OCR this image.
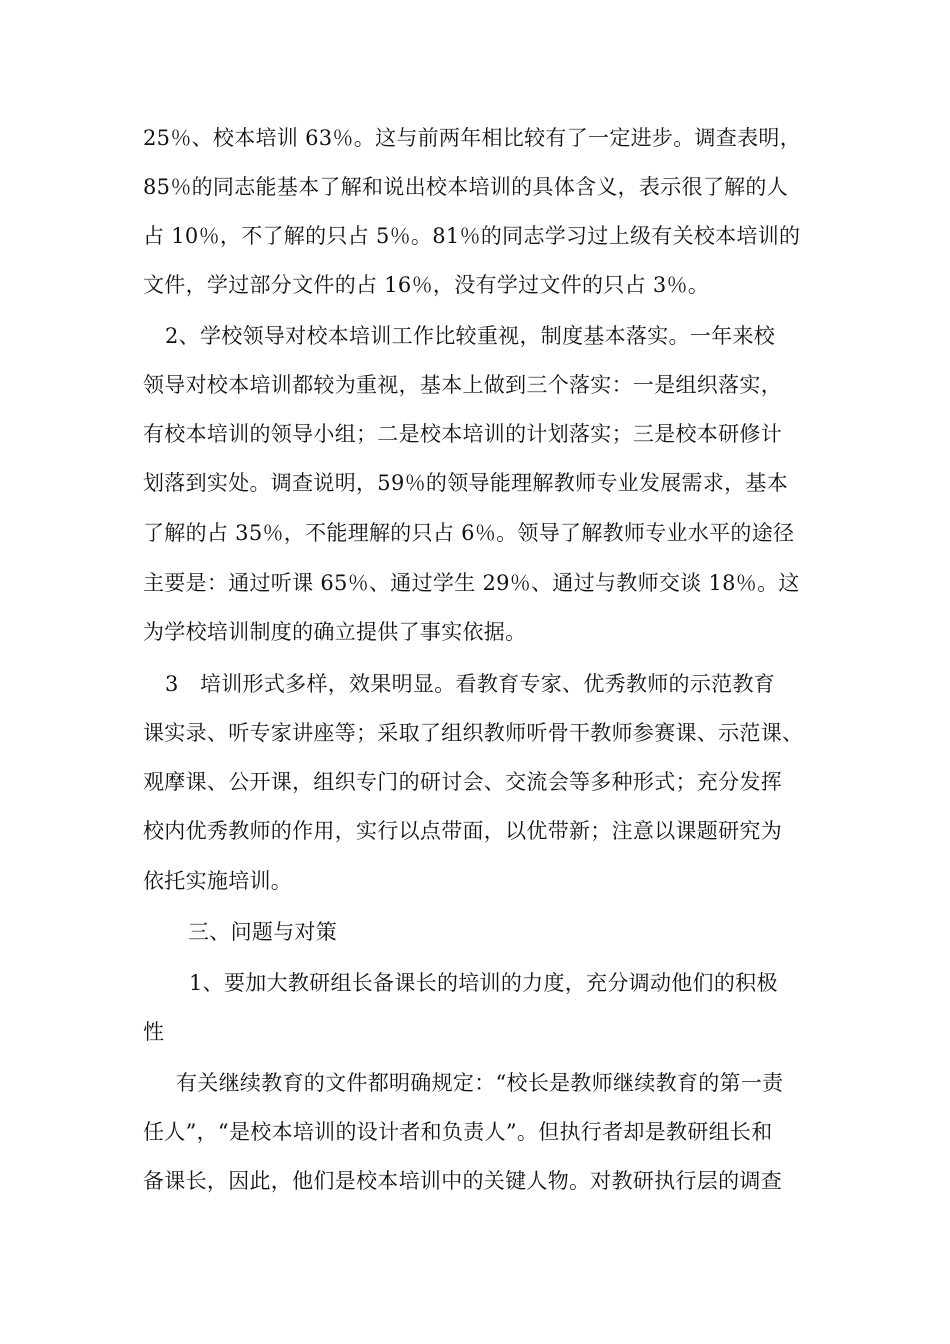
25％、校本培训 63％。这与前两年相比较有了一定进步。调查表明，
85％的同志能基本了解和说出校本培训的具体含义，表示很了解的人
占 10％，不了解的只占 5％。81％的同志学习过上级有关校本培训的
文件，学过部分文件的占 16％，没有学过文件的只占 3％。
2、学校领导对校本培训工作比较重视，制度基本落实。一年来校
领导对校本培训都较为重视，基本上做到三个落实：一是组织落实，
有校本培训的领导小组；二是校本培训的计划落实；三是校本研修计
划落到实处。调查说明，59％的领导能理解教师专业发展需求，基本
了解的占 35％，不能理解的只占 6％。领导了解教师专业水平的途径
主要是：通过听课 65％、通过学生 29％、通过与教师交谈 18％。这
为学校培训制度的确立提供了事实依据。
3　培训形式多样，效果明显。看教育专家、优秀教师的示范教育
课实录、听专家讲座等；采取了组织教师听骨干教师参赛课、示范课、
观摩课、公开课，组织专门的研讨会、交流会等多种形式；充分发挥
校内优秀教师的作用，实行以点带面，以优带新；注意以课题研究为
依托实施培训。
三、问题与对策
1、要加大教研组长备课长的培训的力度，充分调动他们的积极
性
有关继续教育的文件都明确规定：“校长是教师继续教育的第一责
任人”，“是校本培训的设计者和负责人”。但执行者却是教研组长和
备课长，因此，他们是校本培训中的关键人物。对教研执行层的调查
